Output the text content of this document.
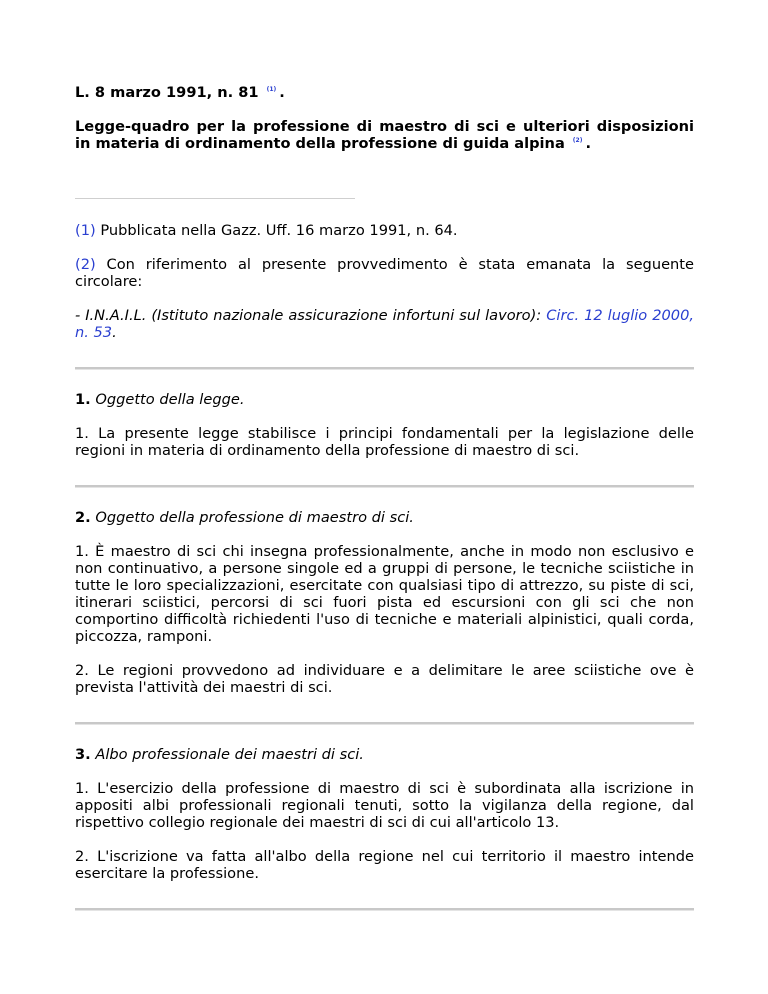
L. 8 marzo 1991, n. 81 $^{(1)}$ .

Legge-quadro per la professione di maestro di sci e ulteriori disposizioni in materia di ordinamento della professione di guida alpina $^{(2)}$ .

(1) Pubblicata nella Gazz. Uff. 16 marzo 1991, n. 64.

(2) Con riferimento al presente provvedimento è stata emanata la seguente circolare:

- I.N.A.I.L. (Istituto nazionale assicurazione infortuni sul lavoro): Circ. 12 luglio 2000, n. 53.

1. Oggetto della legge.

1. La presente legge stabilisce i principi fondamentali per la legislazione delle regioni in materia di ordinamento della professione di maestro di sci.

2. Oggetto della professione di maestro di sci.

1. È maestro di sci chi insegna professionalmente, anche in modo non esclusivo e non continuativo, a persone singole ed a gruppi di persone, le tecniche sciistiche in tutte le loro specializzazioni, esercitate con qualsiasi tipo di attrezzo, su piste di sci, itinerari sciistici, percorsi di sci fuori pista ed escursioni con gli sci che non comportino difficoltà richiedenti l'uso di tecniche e materiali alpinistici, quali corda, piccozza, ramponi.

2. Le regioni provvedono ad individuare e a delimitare le aree sciistiche ove è prevista l'attività dei maestri di sci.

3. Albo professionale dei maestri di sci.

1. L'esercizio della professione di maestro di sci è subordinata alla iscrizione in appositi albi professionali regionali tenuti, sotto la vigilanza della regione, dal rispettivo collegio regionale dei maestri di sci di cui all'articolo 13.

2. L'iscrizione va fatta all'albo della regione nel cui territorio il maestro intende esercitare la professione.
